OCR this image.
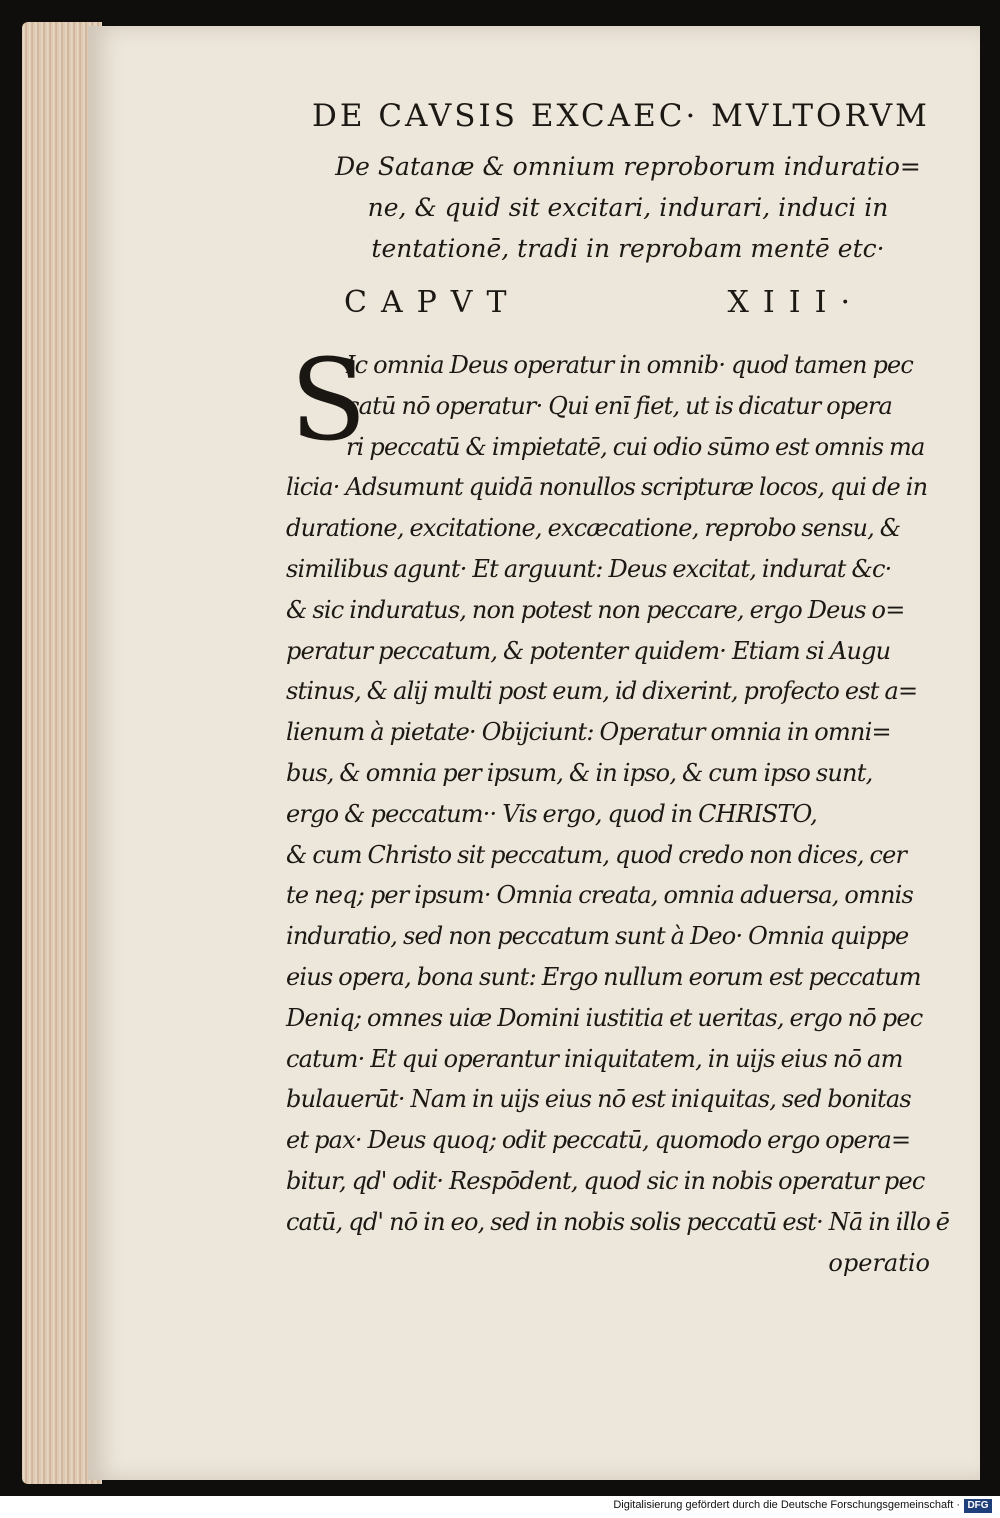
DE CAVSIS EXCAEC· MVLTORVM
De Satanæ & omnium reproborum induratio=
ne, & quid sit excitari, indurari, induci in
tentationē, tradi in reprobam mentē etc·
CAPVT	XIII·
S
Ic omnia Deus operatur in omnib· quod tamen pec
catū nō operatur· Qui enī fiet, ut is dicatur opera
ri peccatū & impietatē, cui odio sūmo est omnis ma
licia· Adsumunt quidā nonullos scripturæ locos, qui de in
duratione, excitatione, excæcatione, reprobo sensu, &
similibus agunt· Et arguunt: Deus excitat, indurat &c·
& sic induratus, non potest non peccare, ergo Deus o=
peratur peccatum, & potenter quidem· Etiam si Augu
stinus, & alij multi post eum, id dixerint, profecto est a=
lienum à pietate· Obijciunt: Operatur omnia in omni=
bus, & omnia per ipsum, & in ipso, & cum ipso sunt,
ergo & peccatum·· Vis ergo, quod in CHRISTO,
& cum Christo sit peccatum, quod credo non dices, cer
te neq; per ipsum· Omnia creata, omnia aduersa, omnis
induratio, sed non peccatum sunt à Deo· Omnia quippe
eius opera, bona sunt: Ergo nullum eorum est peccatum
Deniq; omnes uiæ Domini iustitia et ueritas, ergo nō pec
catum· Et qui operantur iniquitatem, in uijs eius nō am
bulauerūt· Nam in uijs eius nō est iniquitas, sed bonitas
et pax· Deus quoq; odit peccatū, quomodo ergo opera=
bitur, qd' odit· Respōdent, quod sic in nobis operatur pec
catū, qd' nō in eo, sed in nobis solis peccatū est· Nā in illo ē
operatio
Digitalisierung gefördert durch die Deutsche Forschungsgemeinschaft · DFG
